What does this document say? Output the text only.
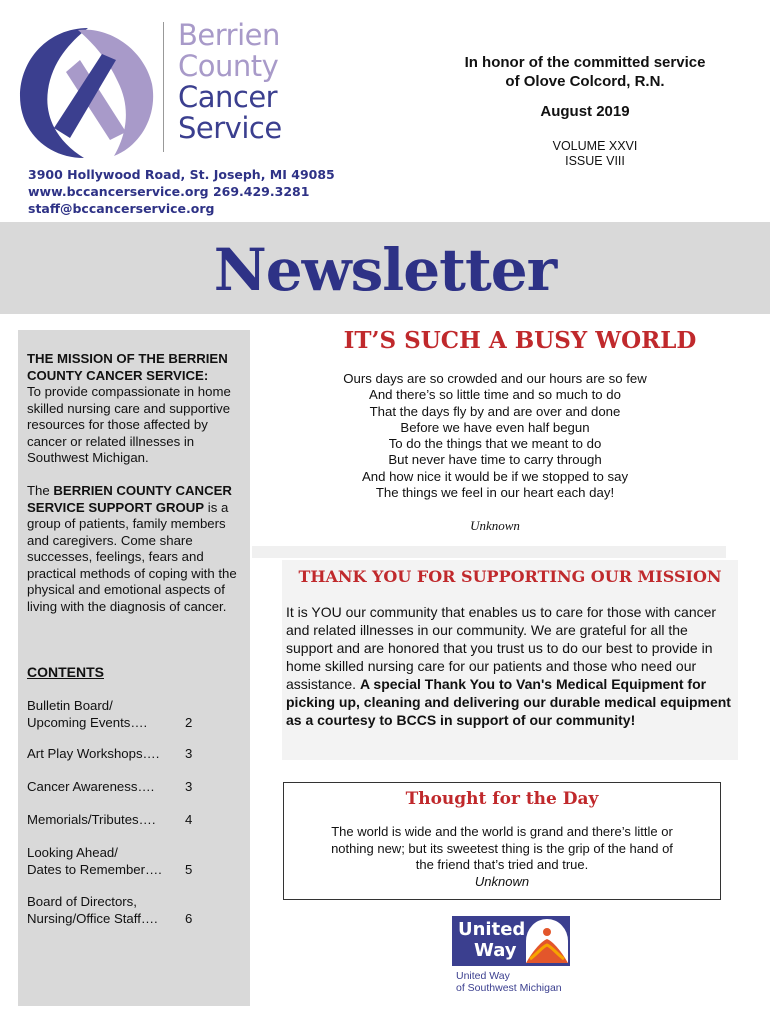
Berrien
County
Cancer
Service
3900 Hollywood Road, St. Joseph, MI 49085
www.bccancerservice.org 269.429.3281
staff@bccancerservice.org
In honor of the committed service
of Olove Colcord, R.N.
August 2019
VOLUME XXVI
ISSUE VIII
Newsletter
THE MISSION OF THE BERRIEN COUNTY CANCER SERVICE:
To provide compassionate in home skilled nursing care and supportive resources for those affected by cancer or related illnesses in Southwest Michigan.
The BERRIEN COUNTY CANCER SERVICE SUPPORT GROUP is a group of patients, family members and caregivers. Come share successes, feelings, fears and practical methods of coping with the physical and emotional aspects of living with the diagnosis of cancer.
CONTENTS
Bulletin Board/
Upcoming Events….	2
Art Play Workshops…. 3
Cancer Awareness…. 3
Memorials/Tributes…. 4
Looking Ahead/
Dates to Remember…. 5
Board of Directors,
Nursing/Office Staff…. 6
IT’S SUCH A BUSY WORLD
Ours days are so crowded and our hours are so few
And there’s so little time and so much to do
That the days fly by and are over and done
Before we have even half begun
To do the things that we meant to do
But never have time to carry through
And how nice it would be if we stopped to say
The things we feel in our heart each day!
Unknown
THANK YOU FOR SUPPORTING OUR MISSION
It is YOU our community that enables us to care for those with cancer and related illnesses in our community. We are grateful for all the support and are honored that you trust us to do our best to provide in home skilled nursing care for our patients and those who need our assistance. A special Thank You to Van's Medical Equipment for picking up, cleaning and delivering our durable medical equipment as a courtesy to BCCS in support of our community!
Thought for the Day
The world is wide and the world is grand and there’s little or nothing new; but its sweetest thing is the grip of the hand of the friend that’s tried and true.
Unknown
United
Way
United Way
of Southwest Michigan
